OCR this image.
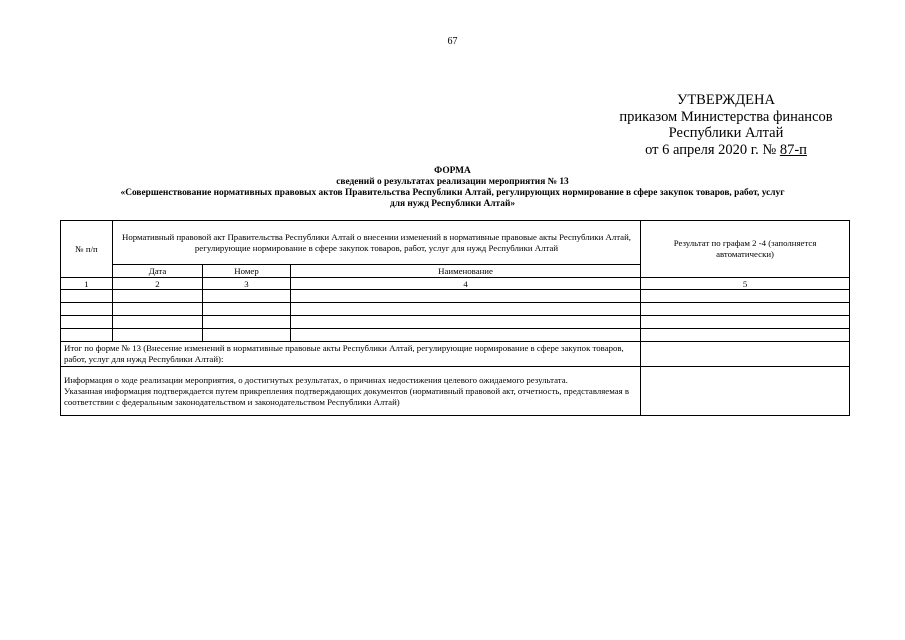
67
УТВЕРЖДЕНА
приказом Министерства финансов
Республики Алтай
от 6 апреля 2020 г. № 87-п
ФОРМА
сведений о результатах реализации мероприятия № 13
«Совершенствование нормативных правовых актов Правительства Республики Алтай, регулирующих нормирование в сфере закупок товаров, работ, услуг
для нужд Республики Алтай»
№ п/п	Нормативный правовой акт Правительства Республики Алтай о внесении изменений в нормативные правовые акты Республики Алтай, регулирующие нормирование в сфере закупок товаров, работ, услуг для нужд Республики Алтай			Результат по графам 2 -4 (заполняется автоматически)
	Дата	Номер	Наименование	
1	2	3	4	5

Итог по форме № 13 (Внесение изменений в нормативные правовые акты Республики Алтай, регулирующие нормирование в сфере закупок товаров, работ, услуг для нужд Республики Алтай):				

Информация о ходе реализации мероприятия, о достигнутых результатах, о причинах недостижения целевого ожидаемого результата.
Указанная информация подтверждается путем прикрепления подтверждающих документов (нормативный правовой акт, отчетность, представляемая в соответствии с федеральным законодательством и законодательством Республики Алтай)				
